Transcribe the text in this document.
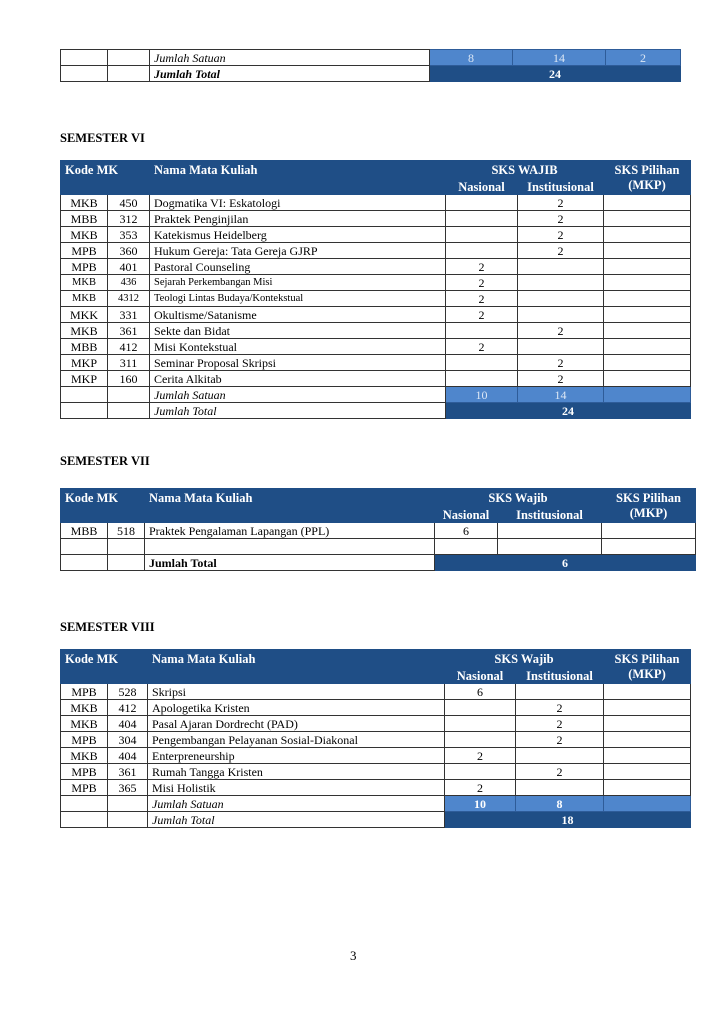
		Jumlah Satuan	8	14	2
		Jumlah Total	24		
SEMESTER VI
Kode MK		Nama Mata Kuliah	SKS WAJIB		SKS Pilihan (MKP)
			Nasional	Institusional	
MKB	450	Dogmatika VI: Eskatologi		2	
MBB	312	Praktek Penginjilan		2	
MKB	353	Katekismus Heidelberg		2	
MPB	360	Hukum Gereja: Tata Gereja GJRP		2	
MPB	401	Pastoral Counseling	2		
MKB	436	Sejarah Perkembangan Misi	2		
MKB	4312	Teologi Lintas Budaya/Kontekstual	2		
MKK	331	Okultisme/Satanisme	2		
MKB	361	Sekte dan Bidat		2	
MBB	412	Misi Kontekstual	2		
MKP	311	Seminar Proposal Skripsi		2	
MKP	160	Cerita Alkitab		2	
		Jumlah Satuan	10	14	
		Jumlah Total	24		
SEMESTER VII
Kode MK		Nama Mata Kuliah	SKS Wajib		SKS Pilihan (MKP)
			Nasional	Institusional	
MBB	518	Praktek Pengalaman Lapangan (PPL)	6		

		Jumlah Total	6		
SEMESTER VIII
Kode MK		Nama Mata Kuliah	SKS Wajib		SKS Pilihan (MKP)
			Nasional	Institusional	
MPB	528	Skripsi	6		
MKB	412	Apologetika Kristen		2	
MKB	404	Pasal Ajaran Dordrecht (PAD)		2	
MPB	304	Pengembangan Pelayanan Sosial-Diakonal		2	
MKB	404	Enterpreneurship	2		
MPB	361	Rumah Tangga Kristen		2	
MPB	365	Misi Holistik	2		
		Jumlah Satuan	10	8	
		Jumlah Total	18		
3
